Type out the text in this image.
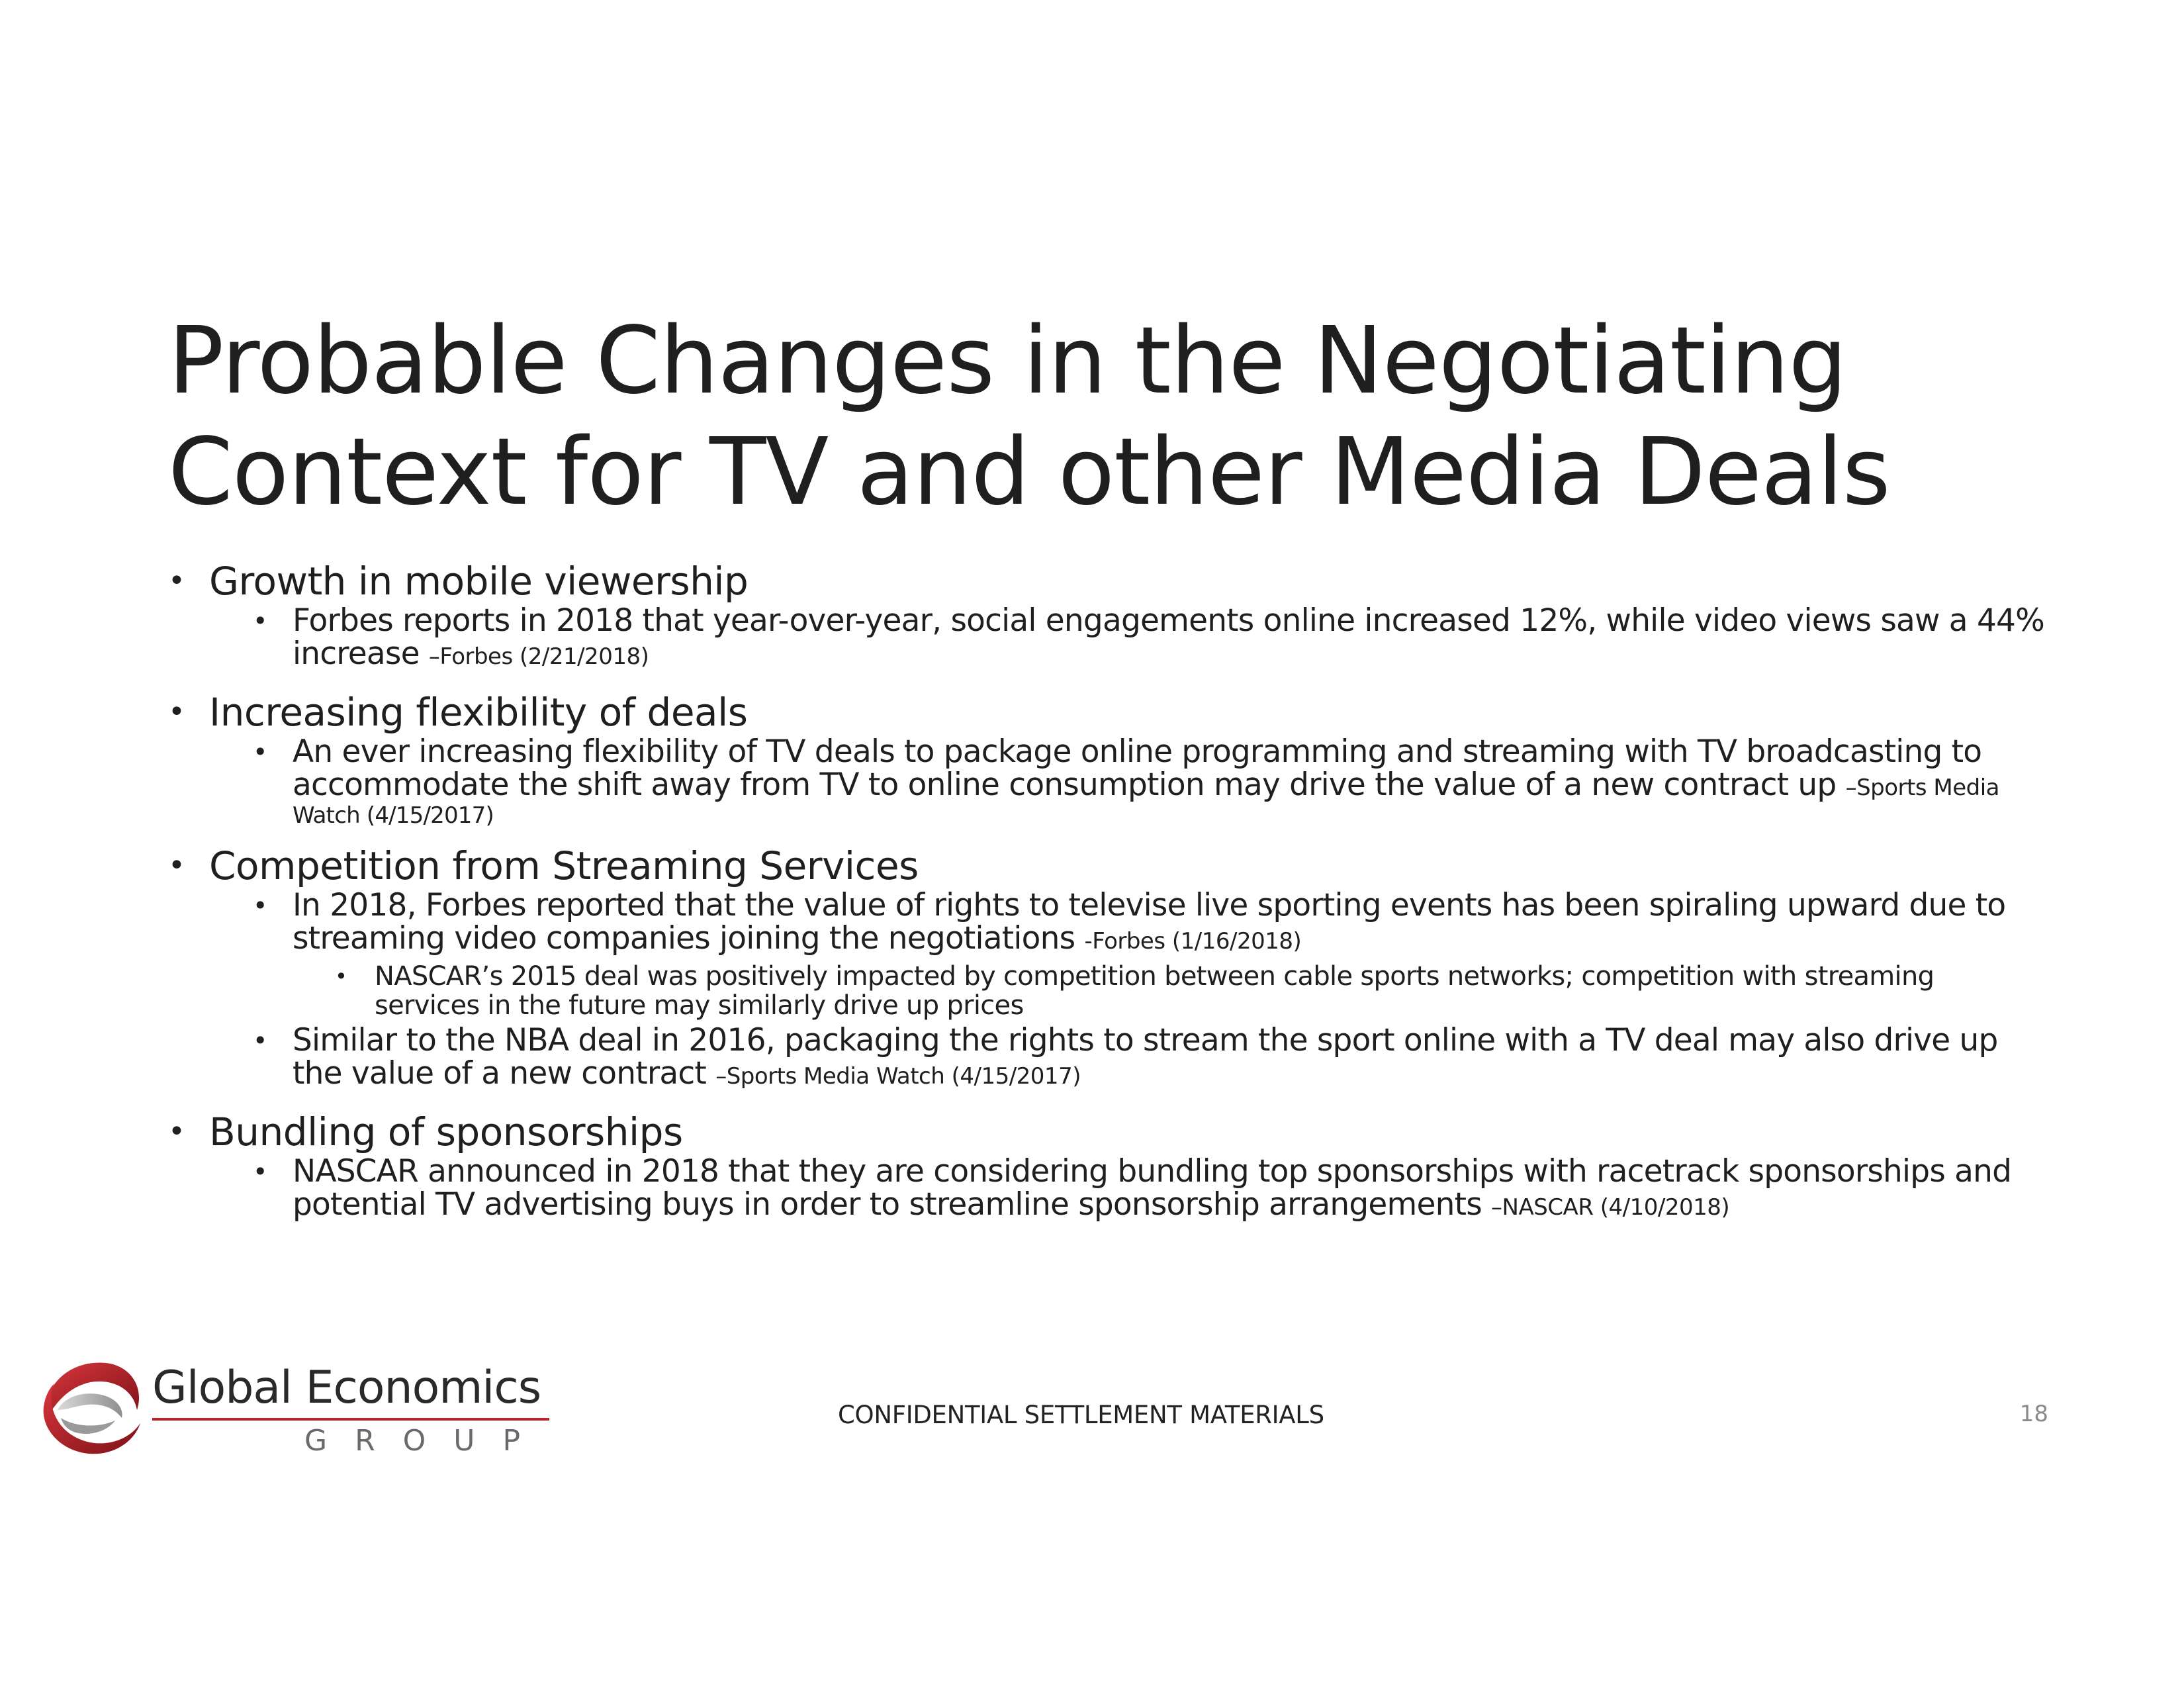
Probable Changes in the Negotiating
Context for TV and other Media Deals
• Growth in mobile viewership
• Forbes reports in 2018 that year-over-year, social engagements online increased 12%, while video views saw a 44%
increase –Forbes (2/21/2018)
• Increasing flexibility of deals
• An ever increasing flexibility of TV deals to package online programming and streaming with TV broadcasting to
accommodate the shift away from TV to online consumption may drive the value of a new contract up –Sports Media
Watch (4/15/2017)
• Competition from Streaming Services
• In 2018, Forbes reported that the value of rights to televise live sporting events has been spiraling upward due to
streaming video companies joining the negotiations -Forbes (1/16/2018)
• NASCAR’s 2015 deal was positively impacted by competition between cable sports networks; competition with streaming
services in the future may similarly drive up prices
• Similar to the NBA deal in 2016, packaging the rights to stream the sport online with a TV deal may also drive up
the value of a new contract –Sports Media Watch (4/15/2017)
• Bundling of sponsorships
• NASCAR announced in 2018 that they are considering bundling top sponsorships with racetrack sponsorships and
potential TV advertising buys in order to streamline sponsorship arrangements –NASCAR (4/10/2018)
Global Economics
GROUP
CONFIDENTIAL SETTLEMENT MATERIALS	18
